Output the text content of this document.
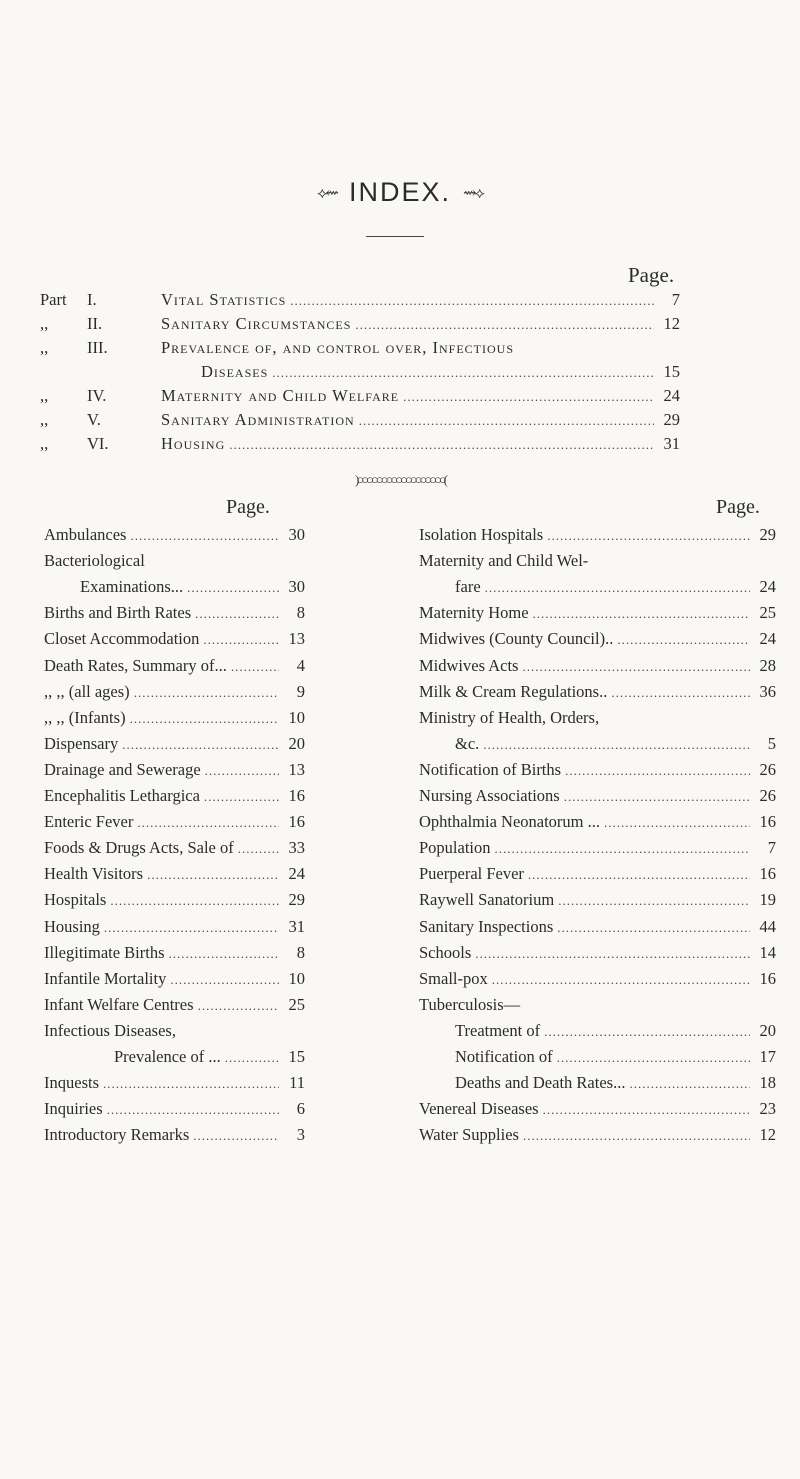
⟡⇜ INDEX. ⇝⟡
Page.
Part	I.	Vital Statistics .....	7
,,	II.	Sanitary Circumstances .....	12
,,	III.	Prevalence of, and control over, Infectious
Diseases .....	15
,,	IV.	Maternity and Child Welfare .....	24
,,	V.	Sanitary Administration .....	29
,,	VI.	Housing .....	31
)○○○○○○○○○○○○○○○○○○(
Page.	Page.
Ambulances .....	30
Bacteriological
Examinations... .....	30
Births and Birth Rates .....	8
Closet Accommodation .....	13
Death Rates, Summary of... .....	4
,, ,, (all ages) .....	9
,, ,, (Infants) .....	10
Dispensary .....	20
Drainage and Sewerage .....	13
Encephalitis Lethargica .....	16
Enteric Fever .....	16
Foods & Drugs Acts, Sale of .....	33
Health Visitors .....	24
Hospitals .....	29
Housing .....	31
Illegitimate Births .....	8
Infantile Mortality .....	10
Infant Welfare Centres .....	25
Infectious Diseases,
Prevalence of ... .....	15
Inquests .....	11
Inquiries .....	6
Introductory Remarks .....	3
Isolation Hospitals .....	29
Maternity and Child Wel-
fare .....	24
Maternity Home .....	25
Midwives (County Council).. .....	24
Midwives Acts .....	28
Milk & Cream Regulations.. .....	36
Ministry of Health, Orders,
&c. .....	5
Notification of Births .....	26
Nursing Associations .....	26
Ophthalmia Neonatorum ... .....	16
Population .....	7
Puerperal Fever .....	16
Raywell Sanatorium .....	19
Sanitary Inspections .....	44
Schools .....	14
Small-pox .....	16
Tuberculosis—
Treatment of .....	20
Notification of .....	17
Deaths and Death Rates... .....	18
Venereal Diseases .....	23
Water Supplies .....	12
